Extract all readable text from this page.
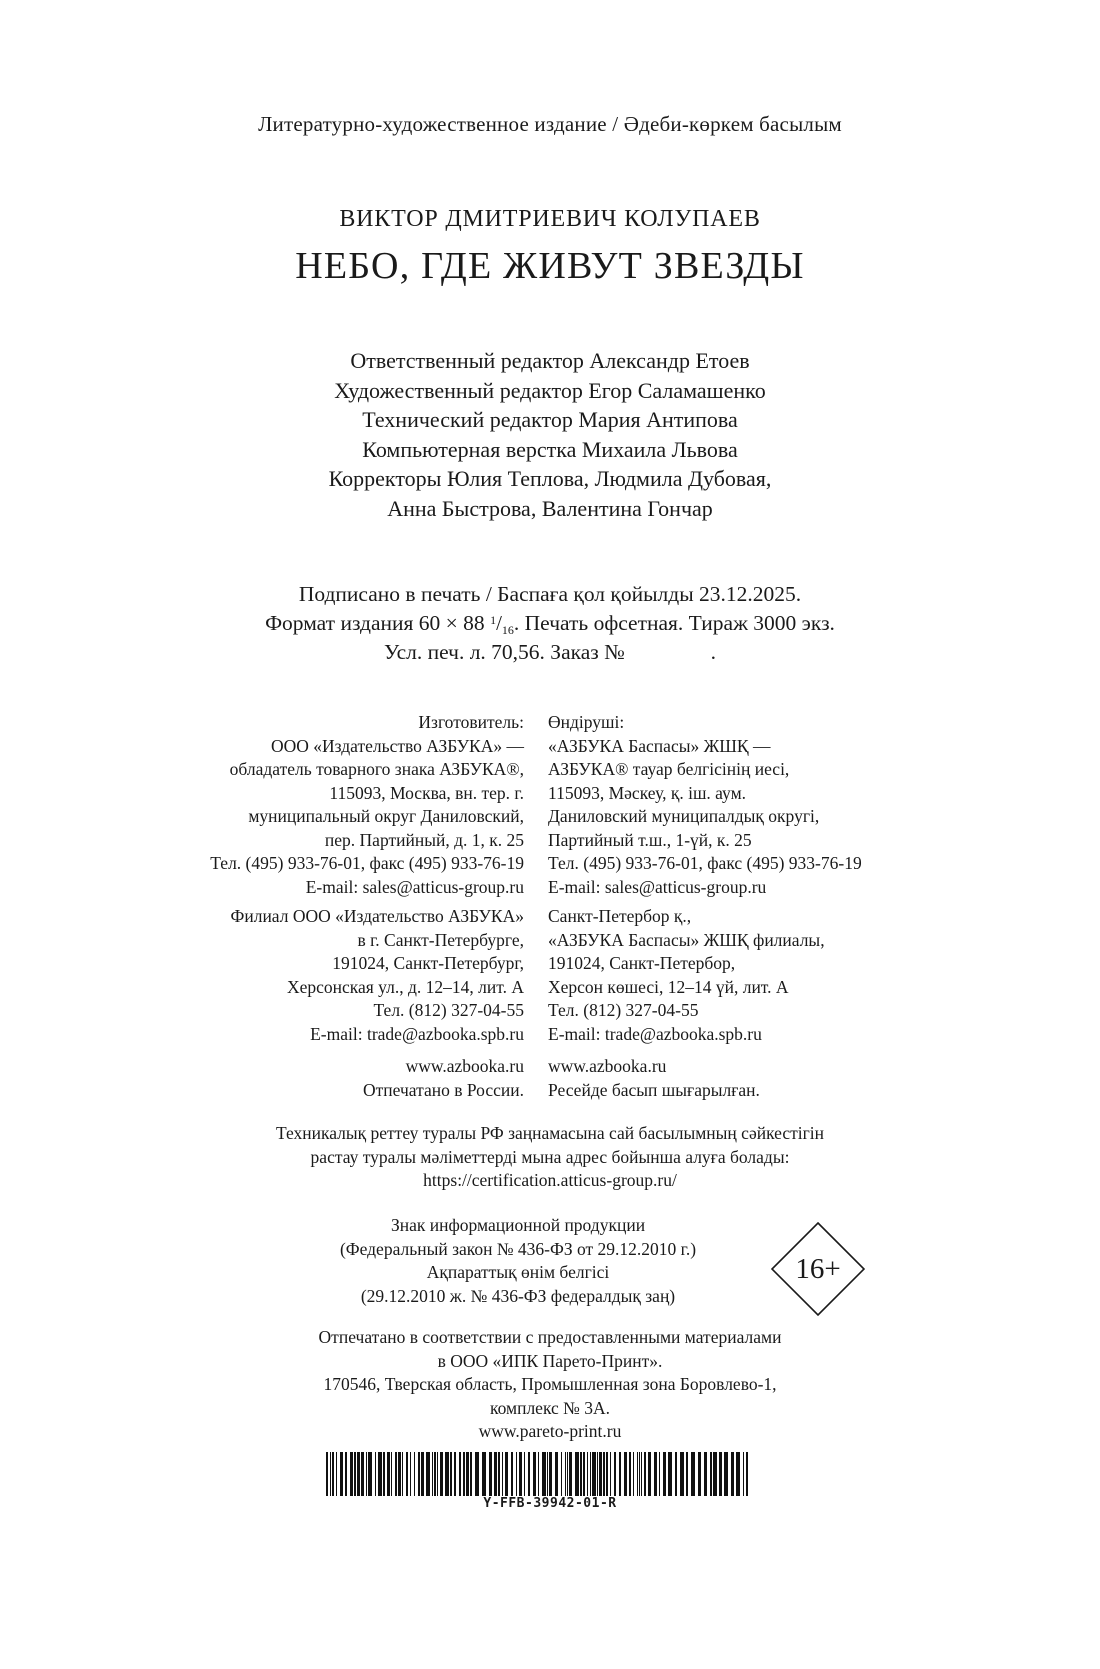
Литературно-художественное издание / Әдеби-көркем басылым
ВИКТОР ДМИТРИЕВИЧ КОЛУПАЕВ
НЕБО, ГДЕ ЖИВУТ ЗВЕЗДЫ
Ответственный редактор Александр Етоев
Художественный редактор Егор Саламашенко
Технический редактор Мария Антипова
Компьютерная верстка Михаила Львова
Корректоры Юлия Теплова, Людмила Дубовая,
Анна Быстрова, Валентина Гончар
Подписано в печать / Баспаға қол қойылды 23.12.2025.
Формат издания 60 × 88 $^1/_{16}$. Печать офсетная. Тираж 3000 экз.
Усл. печ. л. 70,56. Заказ №                .
Изготовитель:
ООО «Издательство АЗБУКА» —
обладатель товарного знака АЗБУКА®,
115093, Москва, вн. тер. г.
муниципальный округ Даниловский,
пер. Партийный, д. 1, к. 25
Тел. (495) 933-76-01, факс (495) 933-76-19
E-mail: sales@atticus-group.ru
Филиал ООО «Издательство АЗБУКА»
в г. Санкт-Петербурге,
191024, Санкт-Петербург,
Херсонская ул., д. 12–14, лит. А
Тел. (812) 327-04-55
E-mail: trade@azbooka.spb.ru
www.azbooka.ru
Отпечатано в России.
Өндіруші:
«АЗБУКА Баспасы» ЖШҚ —
АЗБУКА® тауар белгісінің иесі,
115093, Мәскеу, қ. іш. аум.
Даниловский муниципалдық округі,
Партийный т.ш., 1-үй, к. 25
Тел. (495) 933-76-01, факс (495) 933-76-19
E-mail: sales@atticus-group.ru
Санкт-Петербор қ.,
«АЗБУКА Баспасы» ЖШҚ филиалы,
191024, Санкт-Петербор,
Херсон көшесі, 12–14 үй, лит. А
Тел. (812) 327-04-55
E-mail: trade@azbooka.spb.ru
www.azbooka.ru
Ресейде басып шығарылған.
Техникалық реттеу туралы РФ заңнамасына сай басылымның сәйкестігін
растау туралы мәліметтерді мына адрес бойынша алуға болады:
https://certification.atticus-group.ru/
Знак информационной продукции
(Федеральный закон № 436-ФЗ от 29.12.2010 г.)
Ақпараттық өнім белгісі
(29.12.2010 ж. № 436-ФЗ федералдық заң)
16+
Отпечатано в соответствии с предоставленными материалами
в ООО «ИПК Парето-Принт».
170546, Тверская область, Промышленная зона Боровлево-1,
комплекс № 3А.
www.pareto-print.ru
Y-FFB-39942-01-R
